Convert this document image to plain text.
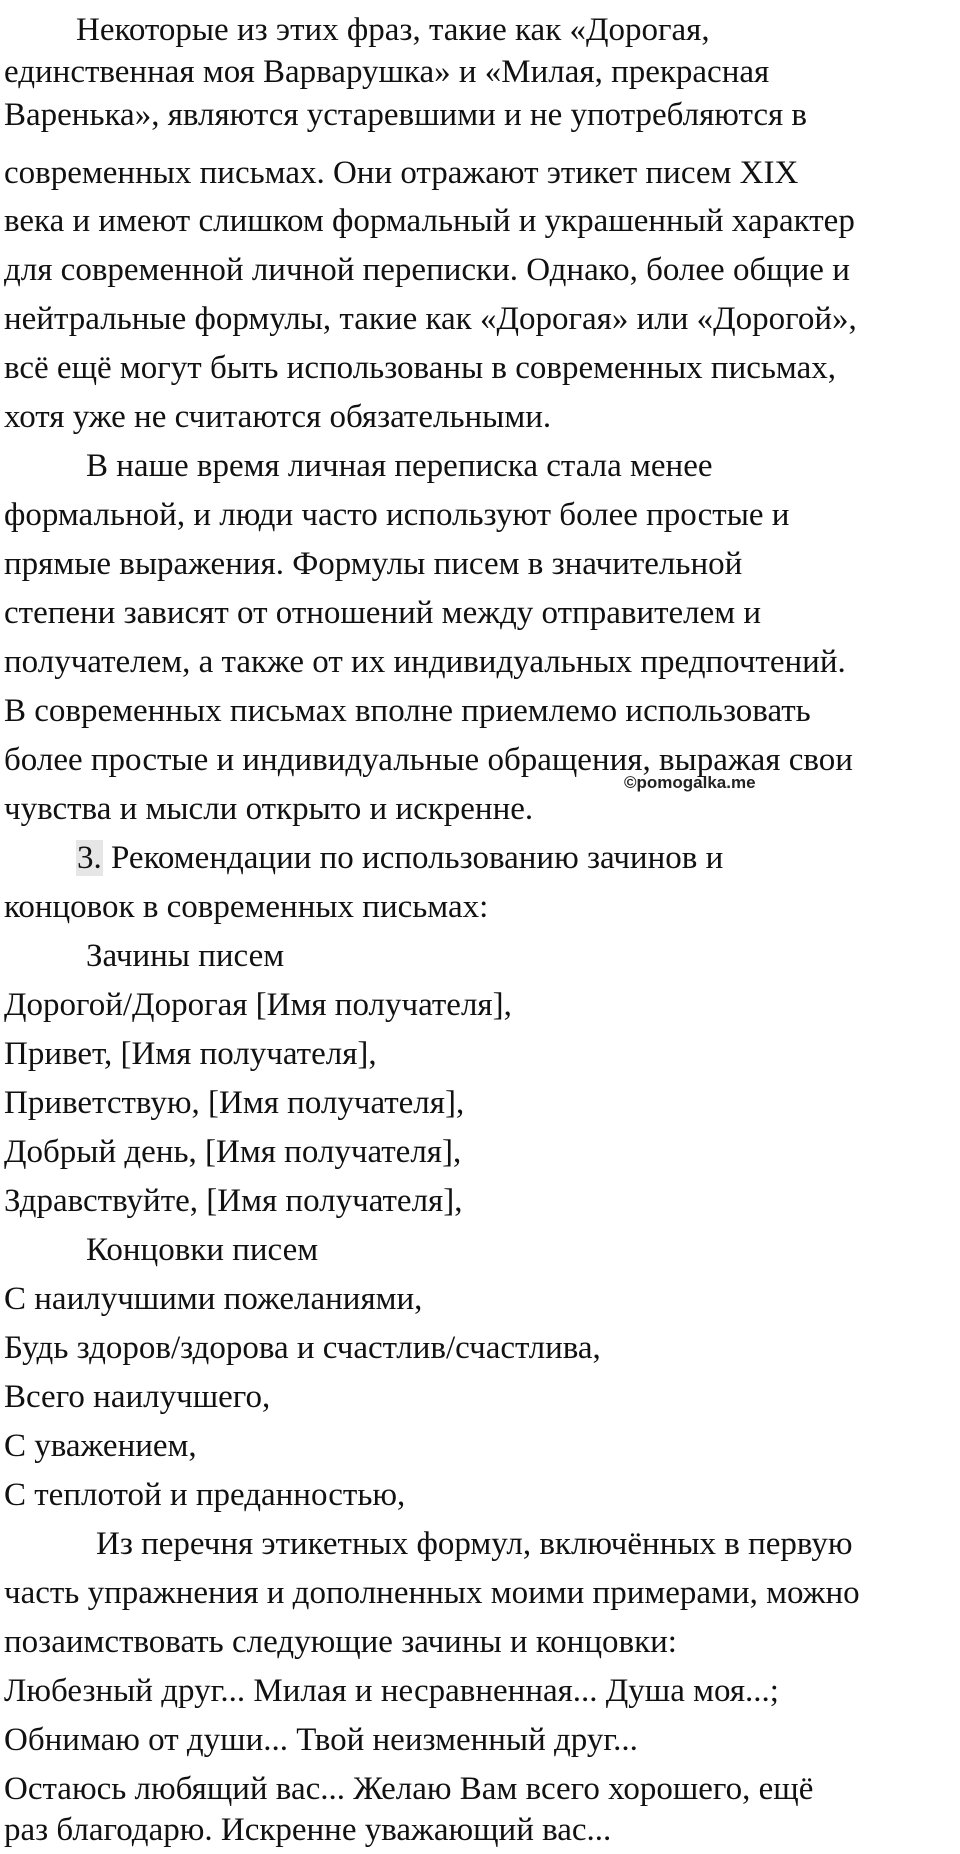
Некоторые из этих фраз, такие как «Дорогая,
единственная моя Варварушка» и «Милая, прекрасная
Варенька», являются устаревшими и не употребляются в
современных письмах. Они отражают этикет писем XIX
века и имеют слишком формальный и украшенный характер
для современной личной переписки. Однако, более общие и
нейтральные формулы, такие как «Дорогая» или «Дорогой»,
всё ещё могут быть использованы в современных письмах,
хотя уже не считаются обязательными.
В наше время личная переписка стала менее
формальной, и люди часто используют более простые и
прямые выражения. Формулы писем в значительной
степени зависят от отношений между отправителем и
получателем, а также от их индивидуальных предпочтений.
В современных письмах вполне приемлемо использовать
более простые и индивидуальные обращения, выражая свои
чувства и мысли открыто и искренне.
©pomogalka.me
3. Рекомендации по использованию зачинов и
концовок в современных письмах:
Зачины писем
Дорогой/Дорогая [Имя получателя],
Привет, [Имя получателя],
Приветствую, [Имя получателя],
Добрый день, [Имя получателя],
Здравствуйте, [Имя получателя],
Концовки писем
С наилучшими пожеланиями,
Будь здоров/здорова и счастлив/счастлива,
Всего наилучшего,
С уважением,
С теплотой и преданностью,
Из перечня этикетных формул, включённых в первую
часть упражнения и дополненных моими примерами, можно
позаимствовать следующие зачины и концовки:
Любезный друг... Милая и несравненная... Душа моя...;
Обнимаю от души... Твой неизменный друг...
Остаюсь любящий вас... Желаю Вам всего хорошего, ещё
раз благодарю. Искренне уважающий вас...
